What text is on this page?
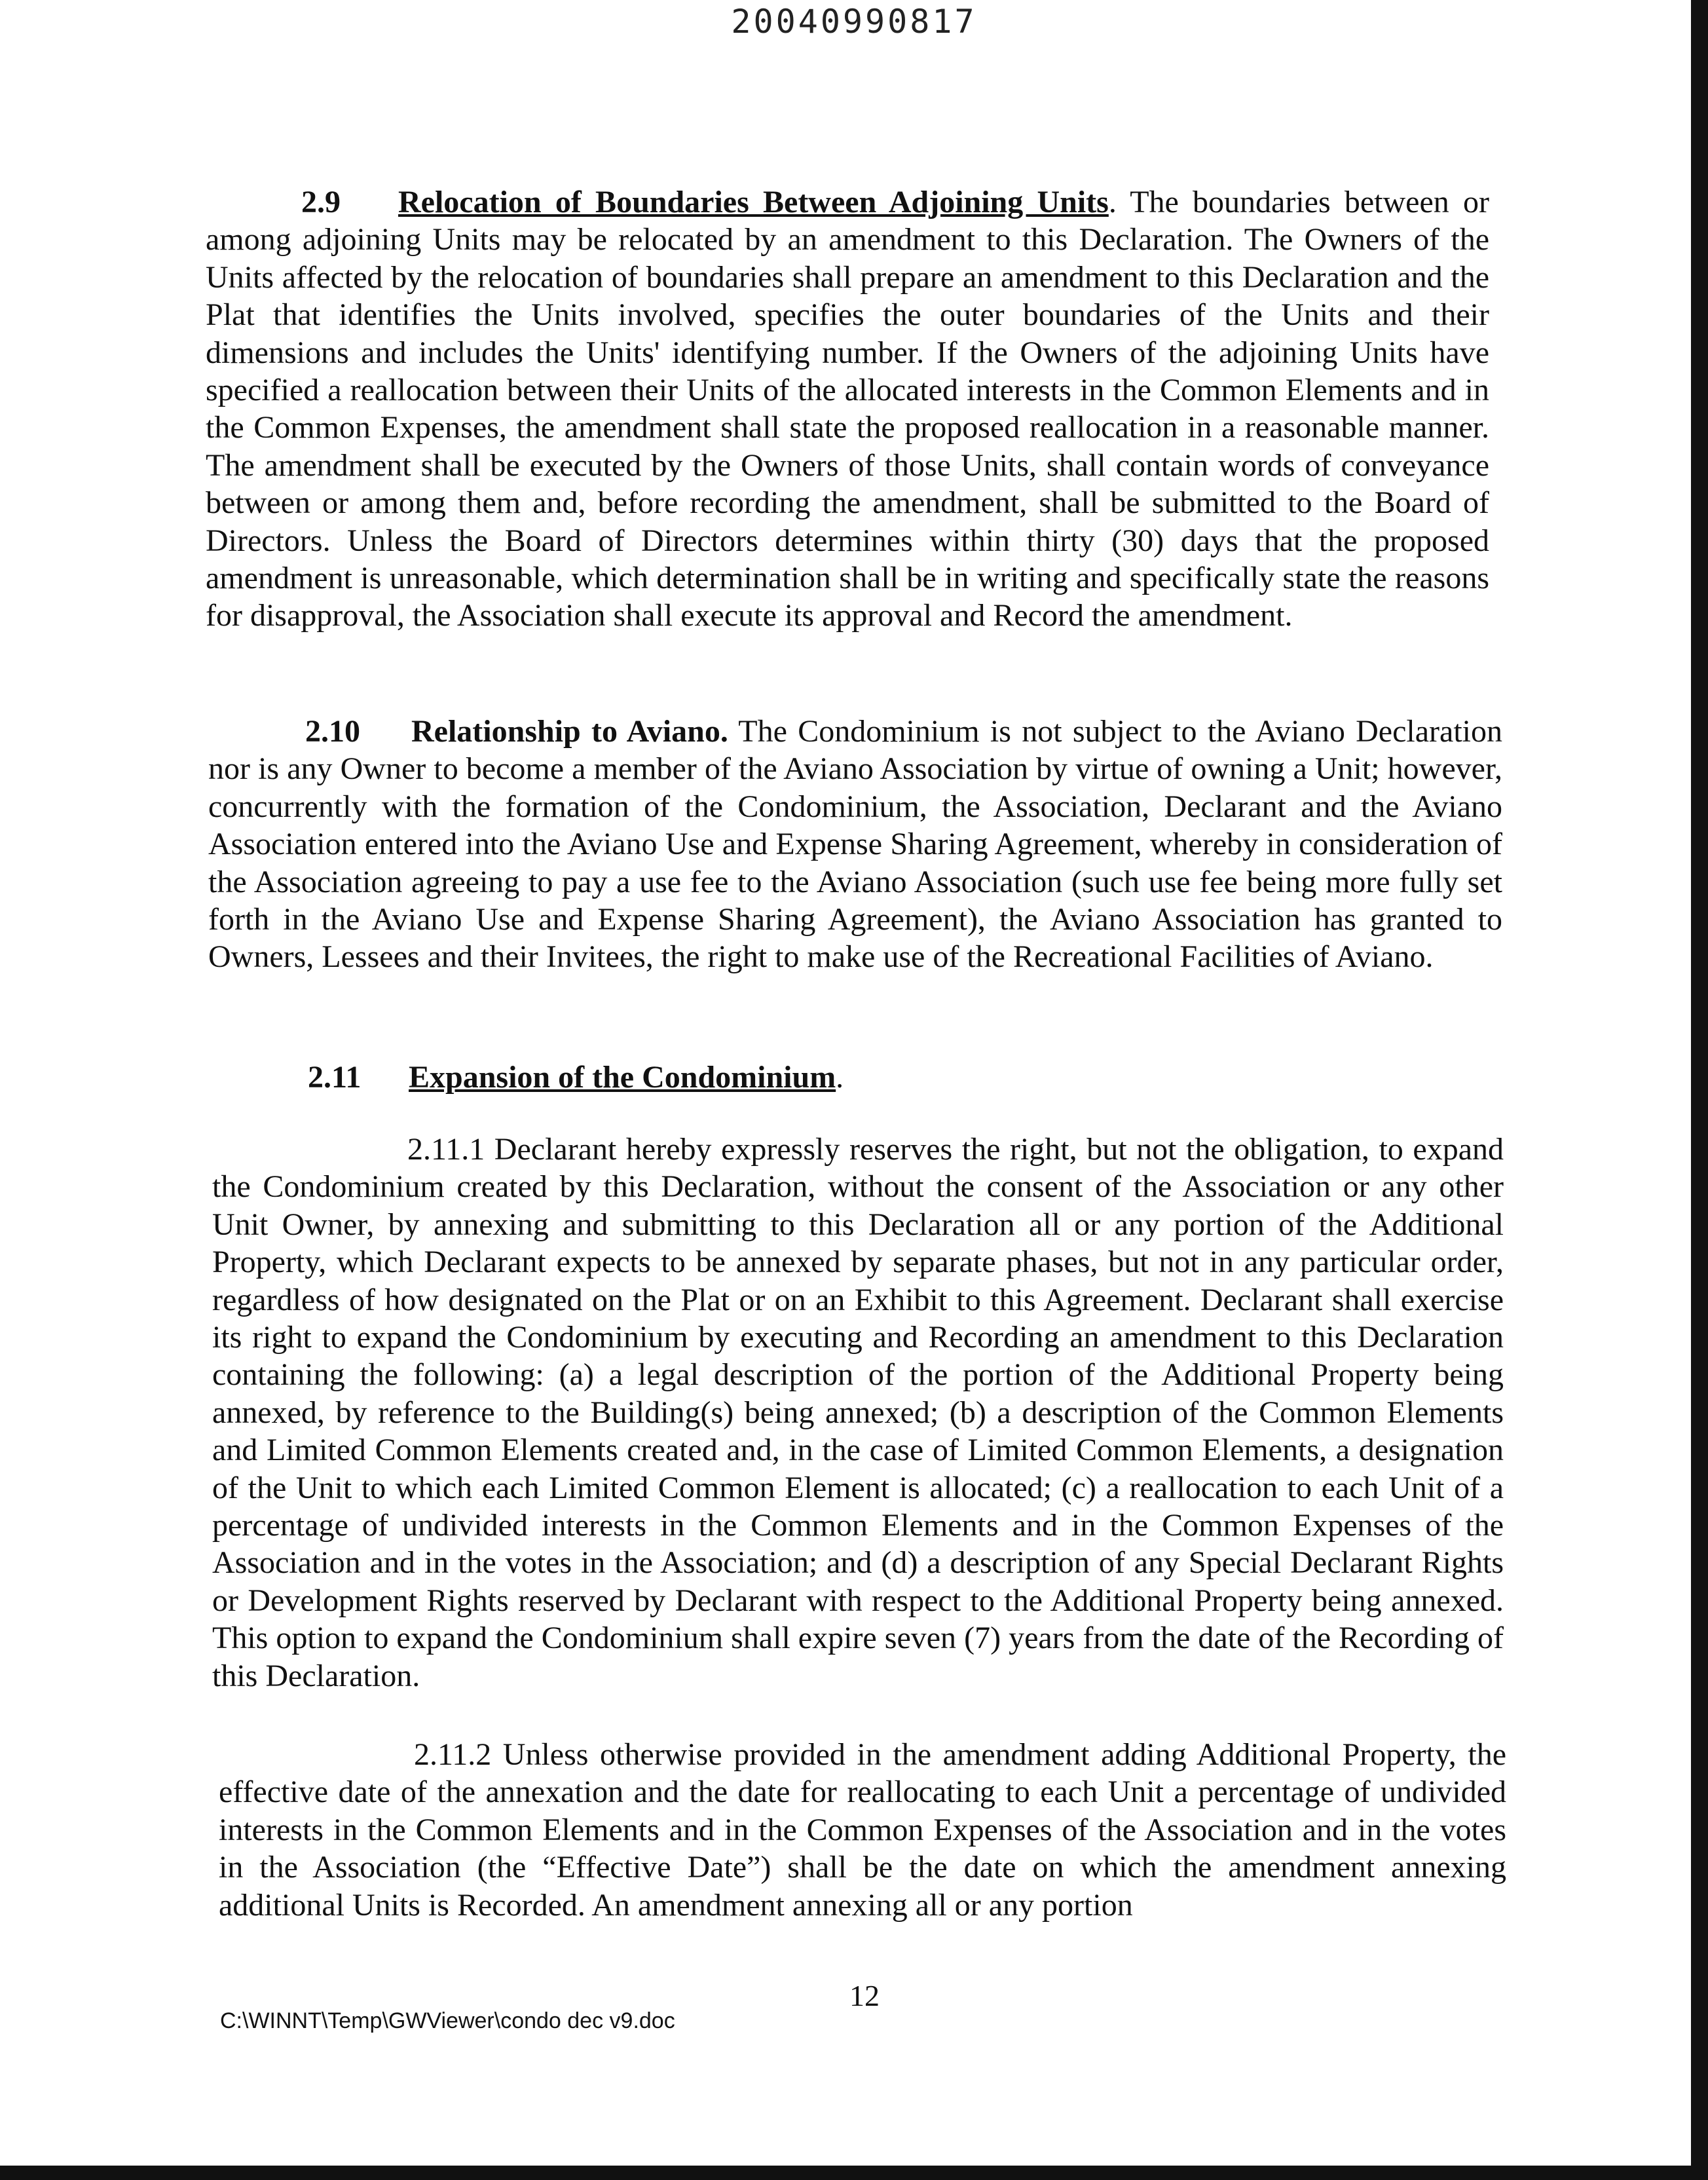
20040990817

2.9 Relocation of Boundaries Between Adjoining Units. The boundaries between or among adjoining Units may be relocated by an amendment to this Declaration. The Owners of the Units affected by the relocation of boundaries shall prepare an amendment to this Declaration and the Plat that identifies the Units involved, specifies the outer boundaries of the Units and their dimensions and includes the Units' identifying number. If the Owners of the adjoining Units have specified a reallocation between their Units of the allocated interests in the Common Elements and in the Common Expenses, the amendment shall state the proposed reallocation in a reasonable manner. The amendment shall be executed by the Owners of those Units, shall contain words of conveyance between or among them and, before recording the amendment, shall be submitted to the Board of Directors. Unless the Board of Directors determines within thirty (30) days that the proposed amendment is unreasonable, which determination shall be in writing and specifically state the reasons for disapproval, the Association shall execute its approval and Record the amendment.

2.10 Relationship to Aviano. The Condominium is not subject to the Aviano Declaration nor is any Owner to become a member of the Aviano Association by virtue of owning a Unit; however, concurrently with the formation of the Condominium, the Association, Declarant and the Aviano Association entered into the Aviano Use and Expense Sharing Agreement, whereby in consideration of the Association agreeing to pay a use fee to the Aviano Association (such use fee being more fully set forth in the Aviano Use and Expense Sharing Agreement), the Aviano Association has granted to Owners, Lessees and their Invitees, the right to make use of the Recreational Facilities of Aviano.

2.11 Expansion of the Condominium.

2.11.1 Declarant hereby expressly reserves the right, but not the obligation, to expand the Condominium created by this Declaration, without the consent of the Association or any other Unit Owner, by annexing and submitting to this Declaration all or any portion of the Additional Property, which Declarant expects to be annexed by separate phases, but not in any particular order, regardless of how designated on the Plat or on an Exhibit to this Agreement. Declarant shall exercise its right to expand the Condominium by executing and Recording an amendment to this Declaration containing the following: (a) a legal description of the portion of the Additional Property being annexed, by reference to the Building(s) being annexed; (b) a description of the Common Elements and Limited Common Elements created and, in the case of Limited Common Elements, a designation of the Unit to which each Limited Common Element is allocated; (c) a reallocation to each Unit of a percentage of undivided interests in the Common Elements and in the Common Expenses of the Association and in the votes in the Association; and (d) a description of any Special Declarant Rights or Development Rights reserved by Declarant with respect to the Additional Property being annexed. This option to expand the Condominium shall expire seven (7) years from the date of the Recording of this Declaration.

2.11.2 Unless otherwise provided in the amendment adding Additional Property, the effective date of the annexation and the date for reallocating to each Unit a percentage of undivided interests in the Common Elements and in the Common Expenses of the Association and in the votes in the Association (the “Effective Date”) shall be the date on which the amendment annexing additional Units is Recorded. An amendment annexing all or any portion

12
C:\WINNT\Temp\GWViewer\condo dec v9.doc
